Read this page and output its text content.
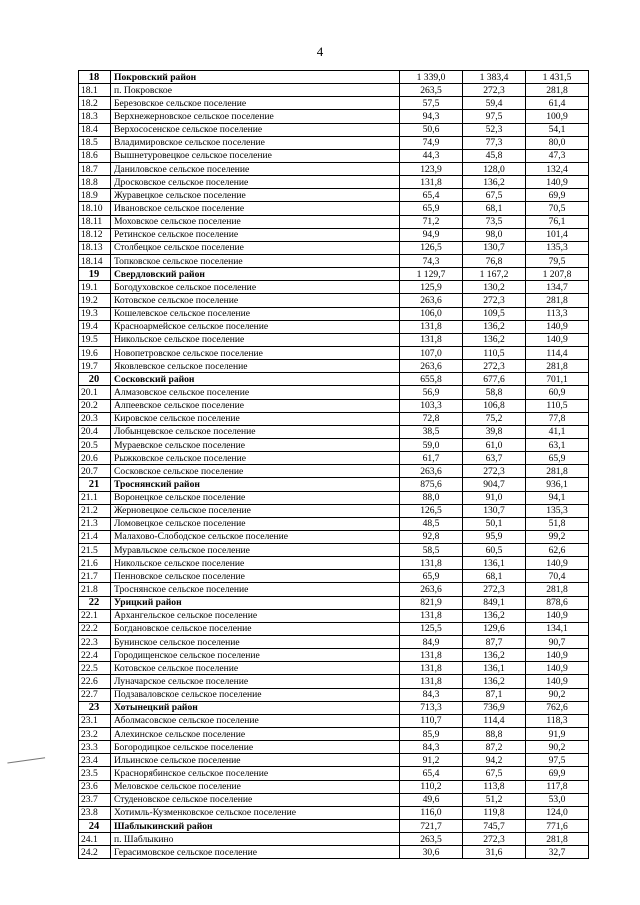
4
18	Покровский район	1 339,0	1 383,4	1 431,5
18.1	п. Покровское	263,5	272,3	281,8
18.2	Березовское сельское поселение	57,5	59,4	61,4
18.3	Верхнежерновское сельское поселение	94,3	97,5	100,9
18.4	Верхососенское сельское поселение	50,6	52,3	54,1
18.5	Владимировское сельское поселение	74,9	77,3	80,0
18.6	Вышнетуровецкое сельское поселение	44,3	45,8	47,3
18.7	Даниловское сельское поселение	123,9	128,0	132,4
18.8	Дросковское сельское поселение	131,8	136,2	140,9
18.9	Журавецкое сельское поселение	65,4	67,5	69,9
18.10	Ивановское сельское поселение	65,9	68,1	70,5
18.11	Моховское сельское поселение	71,2	73,5	76,1
18.12	Ретинское сельское поселение	94,9	98,0	101,4
18.13	Столбецкое сельское поселение	126,5	130,7	135,3
18.14	Топковское сельское поселение	74,3	76,8	79,5
19	Свердловский район	1 129,7	1 167,2	1 207,8
19.1	Богодуховское сельское поселение	125,9	130,2	134,7
19.2	Котовское сельское поселение	263,6	272,3	281,8
19.3	Кошелевское сельское поселение	106,0	109,5	113,3
19.4	Красноармейское сельское поселение	131,8	136,2	140,9
19.5	Никольское сельское поселение	131,8	136,2	140,9
19.6	Новопетровское сельское поселение	107,0	110,5	114,4
19.7	Яковлевское сельское поселение	263,6	272,3	281,8
20	Сосковский район	655,8	677,6	701,1
20.1	Алмазовское сельское поселение	56,9	58,8	60,9
20.2	Алпеевское сельское поселение	103,3	106,8	110,5
20.3	Кировское сельское поселение	72,8	75,2	77,8
20.4	Лобынцевское сельское поселение	38,5	39,8	41,1
20.5	Мураевское сельское поселение	59,0	61,0	63,1
20.6	Рыжковское сельское поселение	61,7	63,7	65,9
20.7	Сосковское сельское поселение	263,6	272,3	281,8
21	Троснянский район	875,6	904,7	936,1
21.1	Воронецкое сельское поселение	88,0	91,0	94,1
21.2	Жерновецкое сельское поселение	126,5	130,7	135,3
21.3	Ломовецкое сельское поселение	48,5	50,1	51,8
21.4	Малахово-Слободское сельское поселение	92,8	95,9	99,2
21.5	Муравльское сельское поселение	58,5	60,5	62,6
21.6	Никольское сельское поселение	131,8	136,1	140,9
21.7	Пенновское сельское поселение	65,9	68,1	70,4
21.8	Троснянское сельское поселение	263,6	272,3	281,8
22	Урицкий район	821,9	849,1	878,6
22.1	Архангельское сельское поселение	131,8	136,2	140,9
22.2	Богдановское сельское поселение	125,5	129,6	134,1
22.3	Бунинское сельское поселение	84,9	87,7	90,7
22.4	Городищенское сельское поселение	131,8	136,2	140,9
22.5	Котовское сельское поселение	131,8	136,1	140,9
22.6	Луначарское сельское поселение	131,8	136,2	140,9
22.7	Подзаваловское сельское поселение	84,3	87,1	90,2
23	Хотынецкий район	713,3	736,9	762,6
23.1	Аболмасовское сельское поселение	110,7	114,4	118,3
23.2	Алехинское сельское поселение	85,9	88,8	91,9
23.3	Богородицкое сельское поселение	84,3	87,2	90,2
23.4	Ильинское сельское поселение	91,2	94,2	97,5
23.5	Краснорябинское сельское поселение	65,4	67,5	69,9
23.6	Меловское сельское поселение	110,2	113,8	117,8
23.7	Студеновское сельское поселение	49,6	51,2	53,0
23.8	Хотимль-Кузменковское сельское поселение	116,0	119,8	124,0
24	Шаблыкинский район	721,7	745,7	771,6
24.1	п. Шаблыкино	263,5	272,3	281,8
24.2	Герасимовское сельское поселение	30,6	31,6	32,7
